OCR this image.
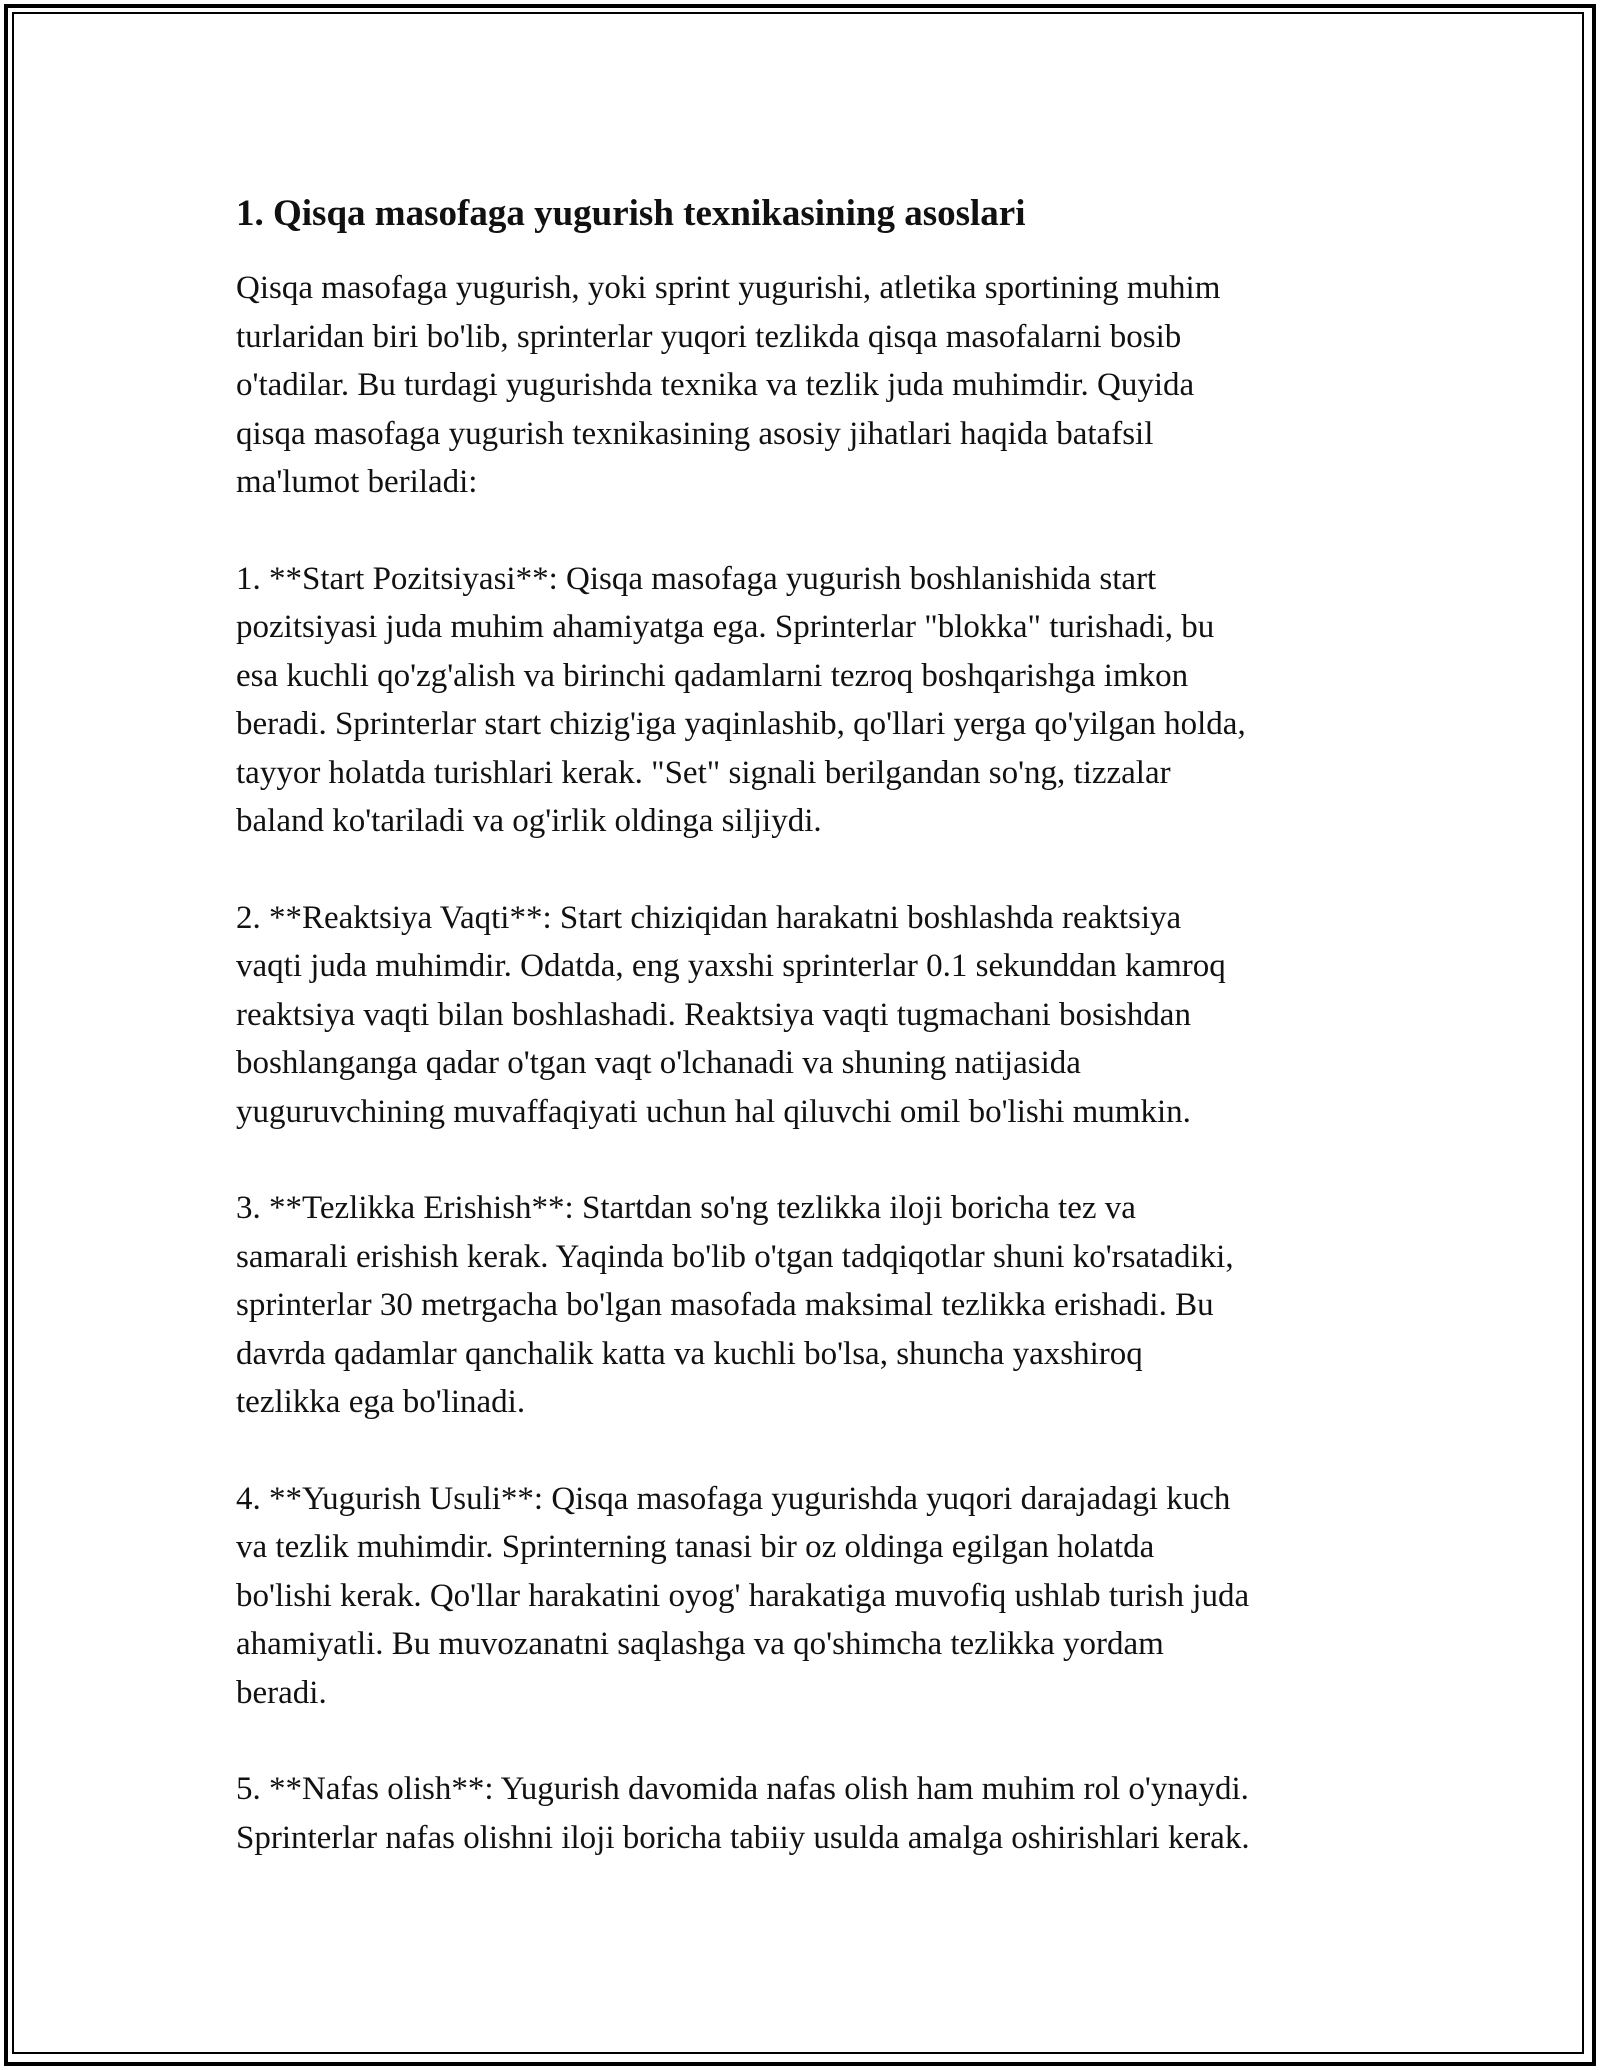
1. Qisqa masofaga yugurish texnikasining asoslari

Qisqa masofaga yugurish, yoki sprint yugurishi, atletika sportining muhim
turlaridan biri bo'lib, sprinterlar yuqori tezlikda qisqa masofalarni bosib
o'tadilar. Bu turdagi yugurishda texnika va tezlik juda muhimdir. Quyida
qisqa masofaga yugurish texnikasining asosiy jihatlari haqida batafsil
ma'lumot beriladi:

1. **Start Pozitsiyasi**: Qisqa masofaga yugurish boshlanishida start
pozitsiyasi juda muhim ahamiyatga ega. Sprinterlar "blokka" turishadi, bu
esa kuchli qo'zg'alish va birinchi qadamlarni tezroq boshqarishga imkon
beradi. Sprinterlar start chizig'iga yaqinlashib, qo'llari yerga qo'yilgan holda,
tayyor holatda turishlari kerak. "Set" signali berilgandan so'ng, tizzalar
baland ko'tariladi va og'irlik oldinga siljiydi.

2. **Reaktsiya Vaqti**: Start chiziqidan harakatni boshlashda reaktsiya
vaqti juda muhimdir. Odatda, eng yaxshi sprinterlar 0.1 sekunddan kamroq
reaktsiya vaqti bilan boshlashadi. Reaktsiya vaqti tugmachani bosishdan
boshlanganga qadar o'tgan vaqt o'lchanadi va shuning natijasida
yuguruvchining muvaffaqiyati uchun hal qiluvchi omil bo'lishi mumkin.

3. **Tezlikka Erishish**: Startdan so'ng tezlikka iloji boricha tez va
samarali erishish kerak. Yaqinda bo'lib o'tgan tadqiqotlar shuni ko'rsatadiki,
sprinterlar 30 metrgacha bo'lgan masofada maksimal tezlikka erishadi. Bu
davrda qadamlar qanchalik katta va kuchli bo'lsa, shuncha yaxshiroq
tezlikka ega bo'linadi.

4. **Yugurish Usuli**: Qisqa masofaga yugurishda yuqori darajadagi kuch
va tezlik muhimdir. Sprinterning tanasi bir oz oldinga egilgan holatda
bo'lishi kerak. Qo'llar harakatini oyog' harakatiga muvofiq ushlab turish juda
ahamiyatli. Bu muvozanatni saqlashga va qo'shimcha tezlikka yordam
beradi.

5. **Nafas olish**: Yugurish davomida nafas olish ham muhim rol o'ynaydi.
Sprinterlar nafas olishni iloji boricha tabiiy usulda amalga oshirishlari kerak.
